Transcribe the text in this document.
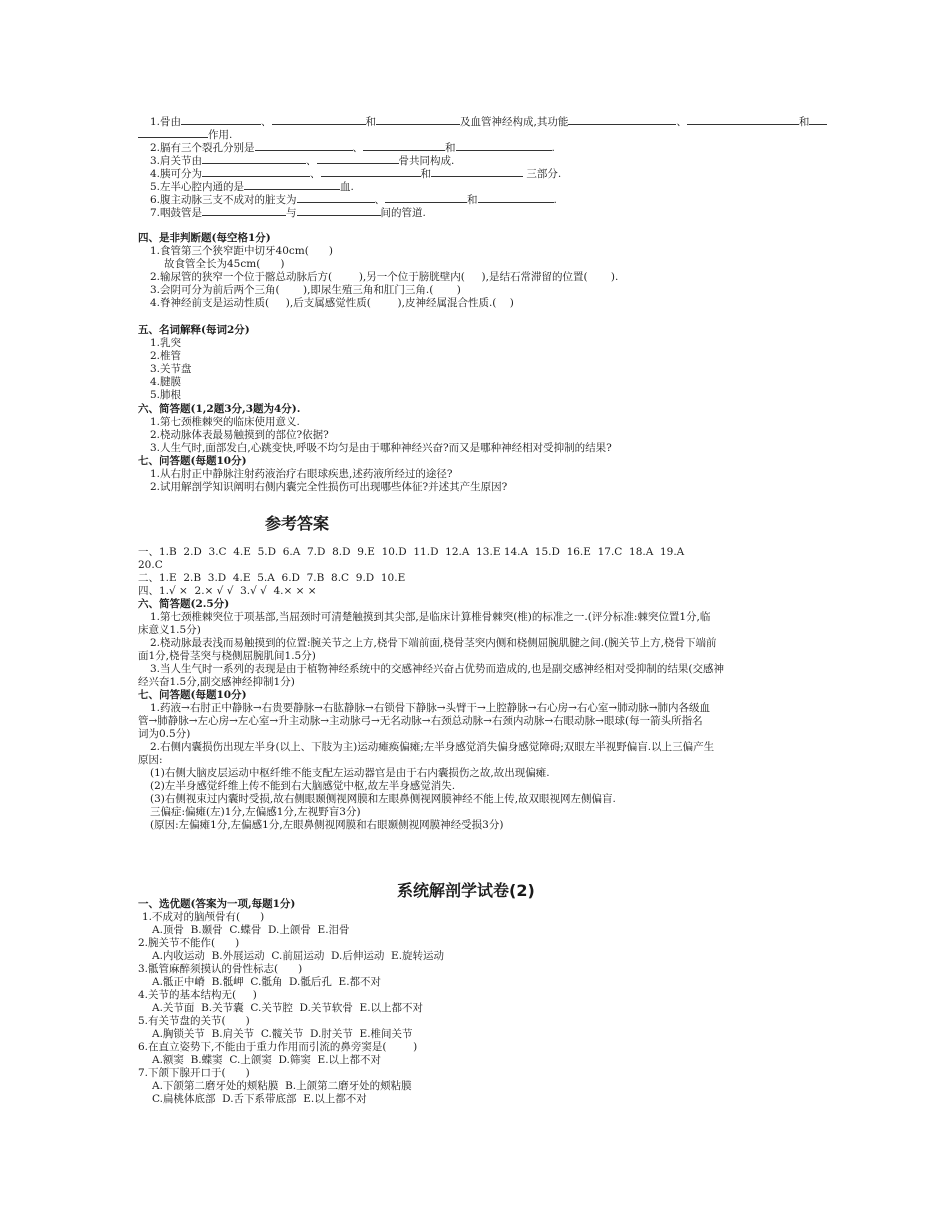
1.骨由	、	和	及血管神经构成,其功能	、	和
作用.
2.膈有三个裂孔分别是	、	和	.
3.肩关节由	、	骨共同构成.
4.胰可分为	、	和	三部分.
5.左半心腔内通的是	血.
6.腹主动脉三支不成对的脏支为	、	和	.
7.咽鼓管是	与	间的管道.
四、是非判断题(每空格1分)
1.食管第三个狭窄距中切牙40cm(      )
故食管全长为45cm(      )
2.输尿管的狭窄一个位于髂总动脉后方(        ),另一个位于膀胱壁内(     ),是结石常滞留的位置(       ).
3.会阴可分为前后两个三角(       ),即尿生殖三角和肛门三角.(       )
4.脊神经前支是运动性质(     ),后支属感觉性质(        ),皮神经属混合性质.(    )
五、名词解释(每词2分)
1.乳突
2.椎管
3.关节盘
4.腱膜
5.肺根
六、简答题(1,2题3分,3题为4分).
1.第七颈椎棘突的临床使用意义.
2.桡动脉体表最易触摸到的部位?依据?
3.人生气时,面部发白,心跳变快,呼吸不均匀是由于哪种神经兴奋?而又是哪种神经相对受抑制的结果?
七、问答题(每题10分)
1.从右肘正中静脉注射药液治疗右眼球疾患,述药液所经过的途径?
2.试用解剖学知识阐明右侧内囊完全性损伤可出现哪些体征?并述其产生原因?
参考答案
一、1.B  2.D  3.C  4.E  5.D  6.A  7.D  8.D  9.E  10.D  11.D  12.A  13.E 14.A  15.D  16.E  17.C  18.A  19.A
20.C
二、1.E  2.B  3.D  4.E  5.A  6.D  7.B  8.C  9.D  10.E
四、1.√ ×  2.× √ √  3.√ √  4.× × ×
六、简答题(2.5分)
1.第七颈椎棘突位于项基部,当屈颈时可清楚触摸到其尖部,是临床计算椎骨棘突(椎)的标准之一.(评分标准:棘突位置1分,临
床意义1.5分)
2.桡动脉最表浅而易触摸到的位置:腕关节之上方,桡骨下端前面,桡骨茎突内侧和桡侧屈腕肌腱之间.(腕关节上方,桡骨下端前
面1分,桡骨茎突与桡侧屈腕肌间1.5分)
3.当人生气时一系列的表现是由于植物神经系统中的交感神经兴奋占优势而造成的,也是副交感神经相对受抑制的结果(交感神
经兴奋1.5分,副交感神经抑制1分)
七、问答题(每题10分)
1.药液→右肘正中静脉→右贵要静脉→右肱静脉→右锁骨下静脉→头臂干→上腔静脉→右心房→右心室→肺动脉→肺内各级血
管→肺静脉→左心房→左心室→升主动脉→主动脉弓→无名动脉→右颈总动脉→右颈内动脉→右眼动脉→眼球(每一箭头所指名
词为0.5分)
2.右侧内囊损伤出现左半身(以上、下肢为主)运动瘫痪偏瘫;左半身感觉消失偏身感觉障碍;双眼左半视野偏盲.以上三偏产生
原因:
(1)右侧大脑皮层运动中枢纤维不能支配左运动器官是由于右内囊损伤之故,故出现偏瘫.
(2)左半身感觉纤维上传不能到右大脑感觉中枢,故左半身感觉消失.
(3)右侧视束过内囊时受损,故右侧眼颞侧视网膜和左眼鼻侧视网膜神经不能上传,故双眼视网左侧偏盲.
三偏症:偏瘫(左)1分,左偏感1分,左视野盲3分)
(原因:左偏瘫1分,左偏感1分,左眼鼻侧视网膜和右眼颞侧视网膜神经受损3分)
系统解剖学试卷(2)
一、选优题(答案为一项,每题1分)
1.不成对的脑颅骨有(      )
A.顶骨  B.颞骨  C.蝶骨  D.上颌骨  E.泪骨
2.腕关节不能作(      )
A.内收运动  B.外展运动  C.前屈运动  D.后伸运动  E.旋转运动
3.骶管麻醉须摸认的骨性标志(      )
A.骶正中嵴  B.骶岬  C.骶角  D.骶后孔  E.都不对
4.关节的基本结构无(     )
A.关节面  B.关节囊  C.关节腔  D.关节软骨  E.以上都不对
5.有关节盘的关节(      )
A.胸锁关节  B.肩关节  C.髋关节  D.肘关节  E.椎间关节
6.在直立姿势下,不能由于重力作用而引流的鼻旁窦是(        )
A.额窦  B.蝶窦  C.上颌窦  D.筛窦  E.以上都不对
7.下颌下腺开口于(      )
A.下颌第二磨牙处的颊粘膜  B.上颌第二磨牙处的颊粘膜
C.扁桃体底部  D.舌下系带底部  E.以上都不对
